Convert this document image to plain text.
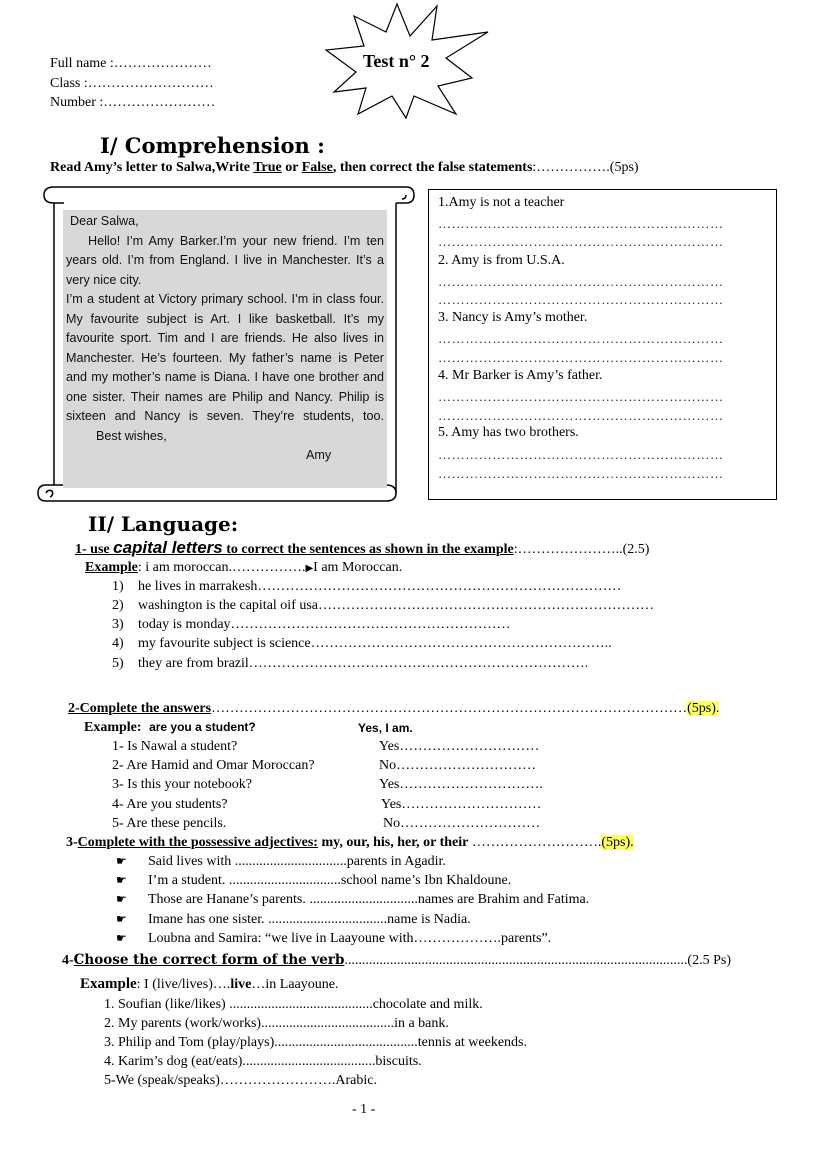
Full name :…………………
Class :………………………
Number :……………………
Test n° 2
I/ Comprehension :
Read Amy’s letter to Salwa,Write True or False, then correct the false statements:…………….(5ps)

Dear Salwa,

Hello! I’m Amy Barker.I’m your new friend. I’m ten years old. I’m from England. I live in Manchester. It’s a very nice city.

I’m a student at Victory primary school. I’m in class four. My favourite subject is Art. I like basketball. It’s my favourite sport. Tim and I are friends. He also lives in Manchester. He’s fourteen. My father’s name is Peter and my mother’s name is Diana. I have one brother and one sister. Their names are Philip and Nancy. Philip is sixteen and Nancy is seven. They’re students, too.

Best wishes,

Amy

1.Amy is not a teacher
………………………………………………………
………………………………………………………
2. Amy is from U.S.A.
………………………………………………………
………………………………………………………
3. Nancy is Amy’s mother.
………………………………………………………
………………………………………………………
4. Mr Barker is Amy’s father.
………………………………………………………
………………………………………………………
5. Amy has two brothers.
………………………………………………………
………………………………………………………
II/ Language:
1- use capital letters to correct the sentences as shown in the example:…………………..(2.5)
Example: i am moroccan.…………….▶I am Moroccan.
1) he lives in marrakesh……………………………………………………………………
2) washington is the capital oif usa………………………………………………………………
3) today is monday……………………………………………………
4) my favourite subject is science………………………………………………………..
5) they are from brazil……………………………………………………………….
2-Complete the answers…………………………………………………………………………………………(5ps).
Example: are you a student?	Yes, I am.
1- Is Nawal a student?	Yes…………………………
2- Are Hamid and Omar Moroccan?	No…………………………
3- Is this your notebook?	Yes………………………….
4- Are you students?	Yes…………………………
5- Are these pencils.	No…………………………
3-Complete with the possessive adjectives: my, our, his, her, or their ……………………….(5ps).
☛ Said lives with ................................parents in Agadir.
☛ I’m a student. ................................school name’s Ibn Khaldoune.
☛ Those are Hanane’s parents. ...............................names are Brahim and Fatima.
☛ Imane has one sister. ..................................name is Nadia.
☛ Loubna and Samira: “we live in Laayoune with……………….parents”.
4-Choose the correct form of the verb..................................................................................................(2.5 Ps)
Example: I (live/lives)….live…in Laayoune.
1. Soufian (like/likes) .........................................chocolate and milk.
2. My parents (work/works)......................................in a bank.
3. Philip and Tom (play/plays).........................................tennis at weekends.
4. Karim’s dog (eat/eats)......................................biscuits.
5-We (speak/speaks)…………………….Arabic.
- 1 -
